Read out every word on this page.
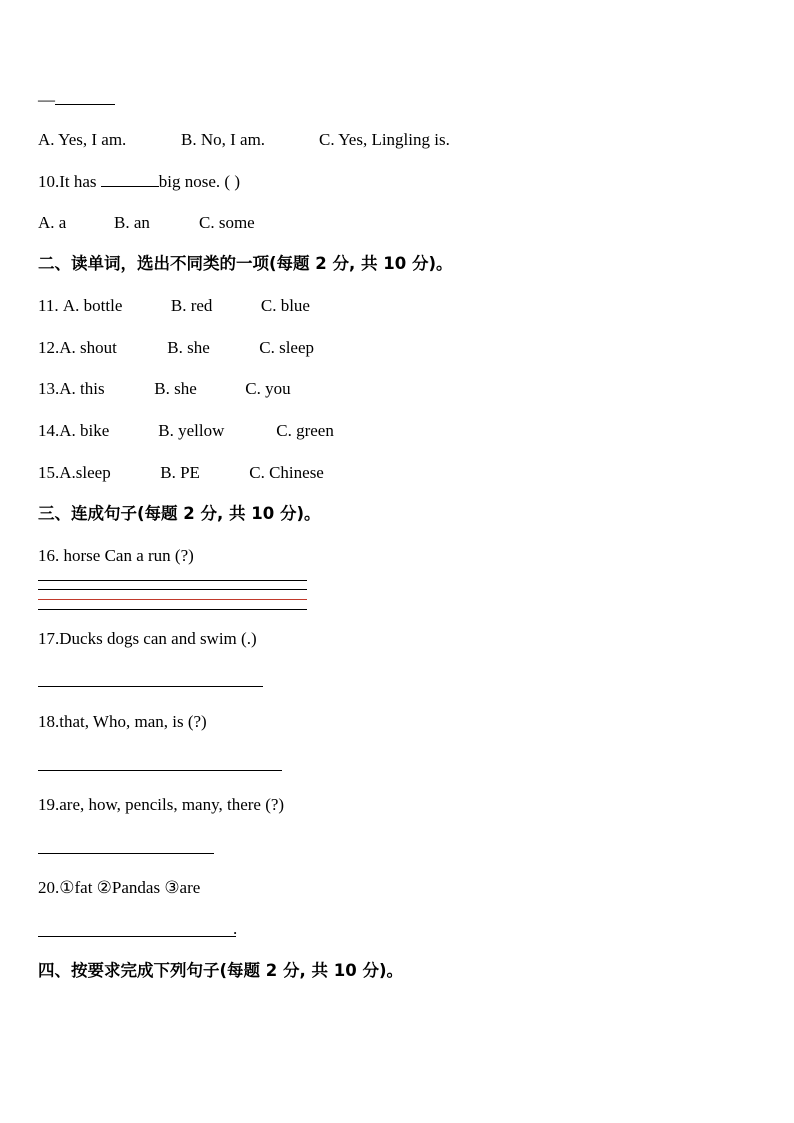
—
A. Yes, I am.	B. No, I am.	C. Yes, Lingling is.
10.It has	big nose. ( )
A. a	B. an	C. some
二、读单词，选出不同类的一项(每题 2 分, 共 10 分)。
11. A. bottle	B. red	C. blue
12.A. shout	B. she	C. sleep
13.A. this	B. she	C. you
14.A. bike	B. yellow	C. green
15.A.sleep	B. PE	C. Chinese
三、连成句子(每题 2 分, 共 10 分)。
16. horse Can a run (?)
17.Ducks dogs can and swim (.)
18.that, Who, man, is (?)
19.are, how, pencils, many, there (?)
20.①fat ②Pandas ③are
.
四、按要求完成下列句子(每题 2 分, 共 10 分)。
